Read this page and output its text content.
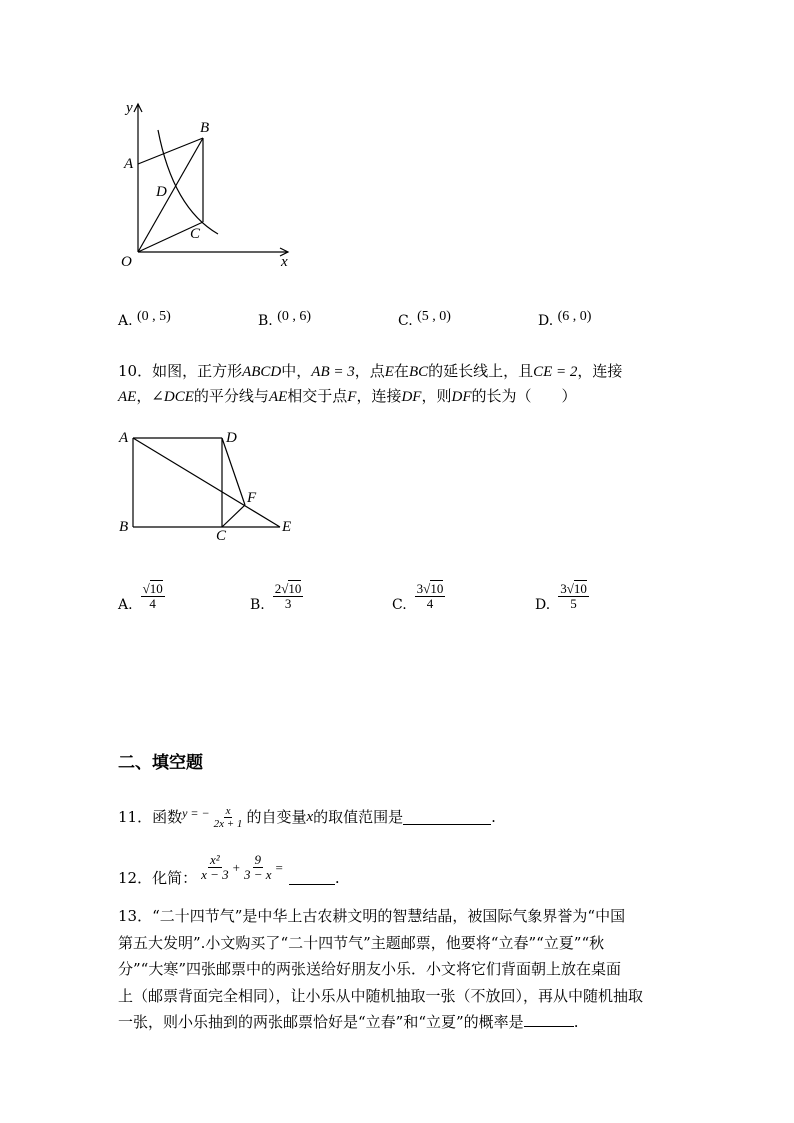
y
x
O
A
B
D
C
A. (0 , 5)	B. (0 , 6)	C. (5 , 0)	D. (6 , 0)
10．如图，正方形ABCD中，AB = 3，点E在BC的延长线上，且CE = 2，连接
AE，∠DCE的平分线与AE相交于点F，连接DF，则DF的长为（　　）
A	D
F
B
C
E
A. $\frac{√10}{4}$	B. $\frac{2√10}{3}$	C. $\frac{3√10}{4}$	D. $\frac{3√10}{5}$
二、填空题
11．函数 y = − $\frac{x}{2x + 1}$ 的自变量 x 的取值范围是	.
12．化简： $\frac{\text{x²}}{x - 3} + \frac{9}{3 - x}$ =
.
13．“二十四节气”是中华上古农耕文明的智慧结晶，被国际气象界誉为“中国
第五大发明”.小文购买了“二十四节气”主题邮票，他要将“立春”“立夏”“秋
分”“大寒”四张邮票中的两张送给好朋友小乐．小文将它们背面朝上放在桌面
上（邮票背面完全相同），让小乐从中随机抽取一张（不放回），再从中随机抽取
一张，则小乐抽到的两张邮票恰好是“立春”和“立夏”的概率是	.
